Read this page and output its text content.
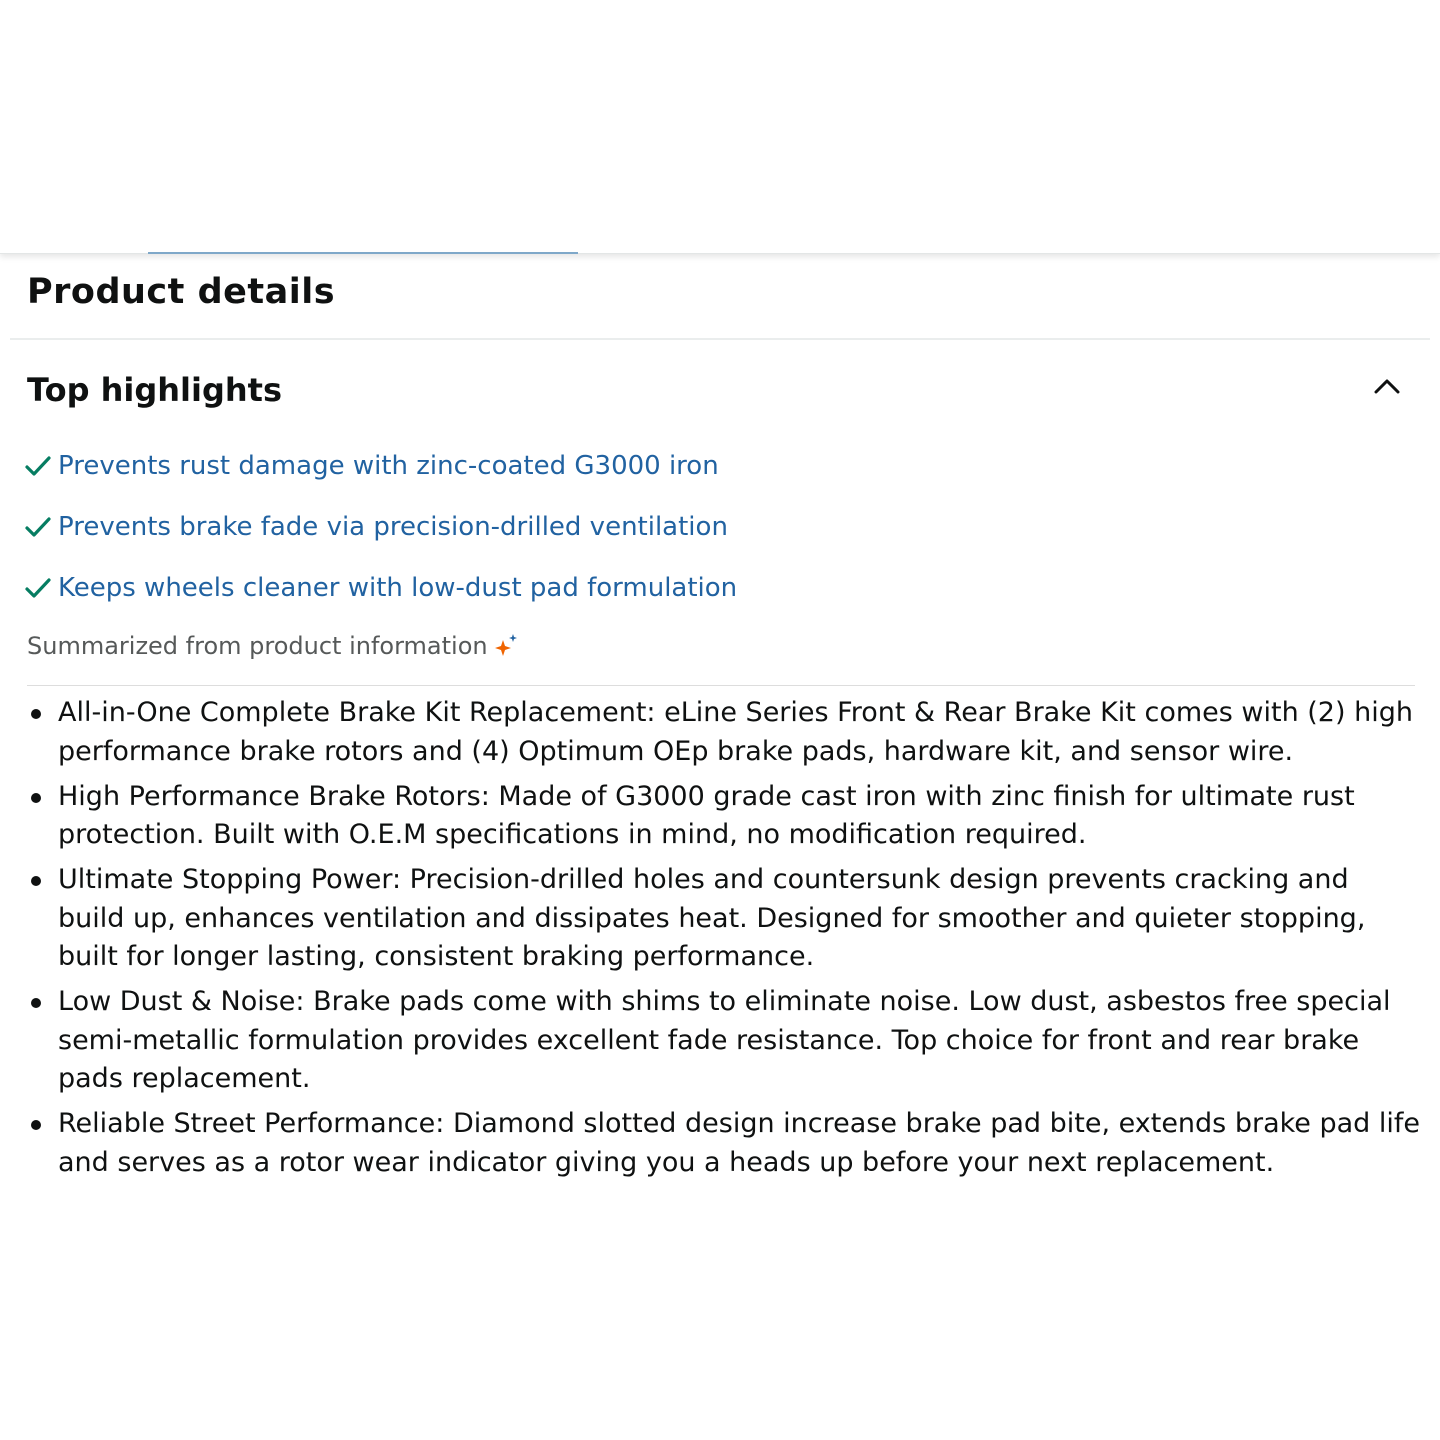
Product details
Top highlights
Prevents rust damage with zinc-coated G3000 iron
Prevents brake fade via precision-drilled ventilation
Keeps wheels cleaner with low-dust pad formulation
Summarized from product information
All-in-One Complete Brake Kit Replacement: eLine Series Front & Rear Brake Kit comes with (2) high performance brake rotors and (4) Optimum OEp brake pads, hardware kit, and sensor wire.
High Performance Brake Rotors: Made of G3000 grade cast iron with zinc finish for ultimate rust protection. Built with O.E.M specifications in mind, no modification required.
Ultimate Stopping Power: Precision-drilled holes and countersunk design prevents cracking and build up, enhances ventilation and dissipates heat. Designed for smoother and quieter stopping, built for longer lasting, consistent braking performance.
Low Dust & Noise: Brake pads come with shims to eliminate noise. Low dust, asbestos free special semi-metallic formulation provides excellent fade resistance. Top choice for front and rear brake pads replacement.
Reliable Street Performance: Diamond slotted design increase brake pad bite, extends brake pad life and serves as a rotor wear indicator giving you a heads up before your next replacement.
